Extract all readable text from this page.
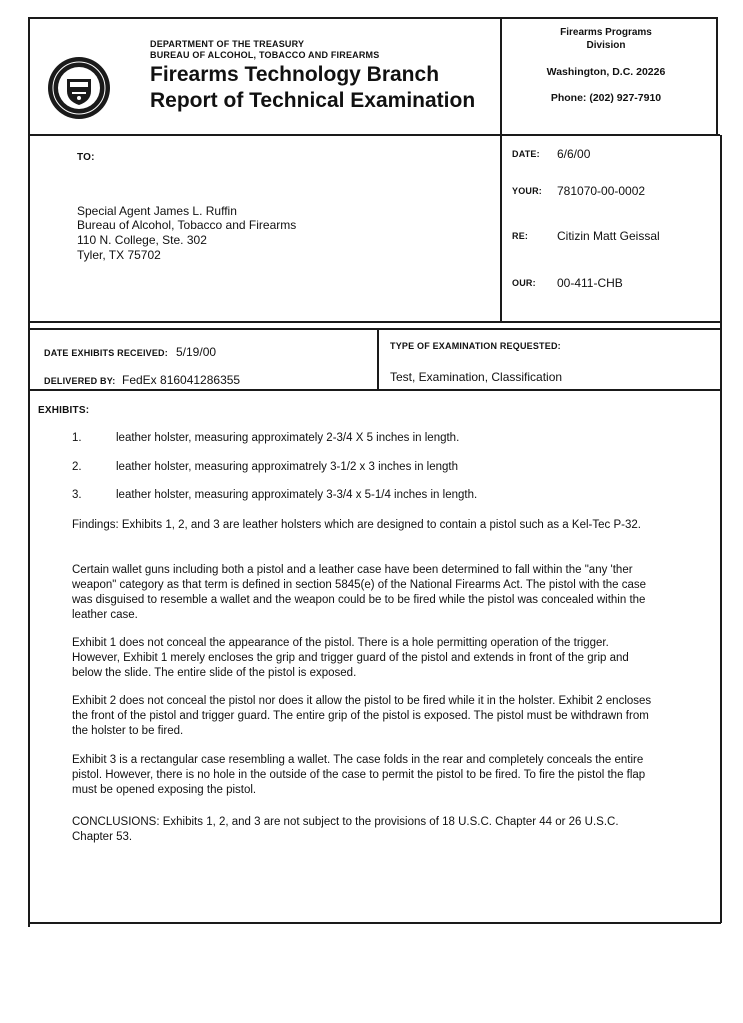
DEPARTMENT OF THE TREASURY
BUREAU OF ALCOHOL, TOBACCO AND FIREARMS
Firearms Technology Branch
Report of Technical Examination
Firearms Programs
Division
Washington, D.C. 20226
Phone: (202) 927-7910
TO:
Special Agent James L. Ruffin
Bureau of Alcohol, Tobacco and Firearms
110 N. College, Ste. 302
Tyler, TX 75702
DATE: 6/6/00
YOUR: 781070-00-0002
RE: Citizin Matt Geissal
OUR: 00-411-CHB
DATE EXHIBITS RECEIVED: 5/19/00
DELIVERED BY: FedEx 816041286355
TYPE OF EXAMINATION REQUESTED:
Test, Examination, Classification
EXHIBITS:
1.	leather holster, measuring approximately 2-3/4 X 5 inches in length.
2.	leather holster, measuring approximatrely 3-1/2 x 3 inches in length
3.	leather holster, measuring approximately 3-3/4 x 5-1/4 inches in length.
Findings: Exhibits 1, 2, and 3 are leather holsters which are designed to contain a pistol such as a Kel-Tec P-32.
Certain wallet guns including both a pistol and a leather case have been determined to fall within the "any 'ther weapon" category as that term is defined in section 5845(e) of the National Firearms Act. The pistol with the case was disguised to resemble a wallet and the weapon could be to be fired while the pistol was concealed within the leather case.
Exhibit 1 does not conceal the appearance of the pistol. There is a hole permitting operation of the trigger. However, Exhibit 1 merely encloses the grip and trigger guard of the pistol and extends in front of the grip and below the slide. The entire slide of the pistol is exposed.
Exhibit 2 does not conceal the pistol nor does it allow the pistol to be fired while it in the holster. Exhibit 2 encloses the front of the pistol and trigger guard. The entire grip of the pistol is exposed. The pistol must be withdrawn from the holster to be fired.
Exhibit 3 is a rectangular case resembling a wallet. The case folds in the rear and completely conceals the entire pistol. However, there is no hole in the outside of the case to permit the pistol to be fired. To fire the pistol the flap must be opened exposing the pistol.
CONCLUSIONS: Exhibits 1, 2, and 3 are not subject to the provisions of 18 U.S.C. Chapter 44 or 26 U.S.C. Chapter 53.
